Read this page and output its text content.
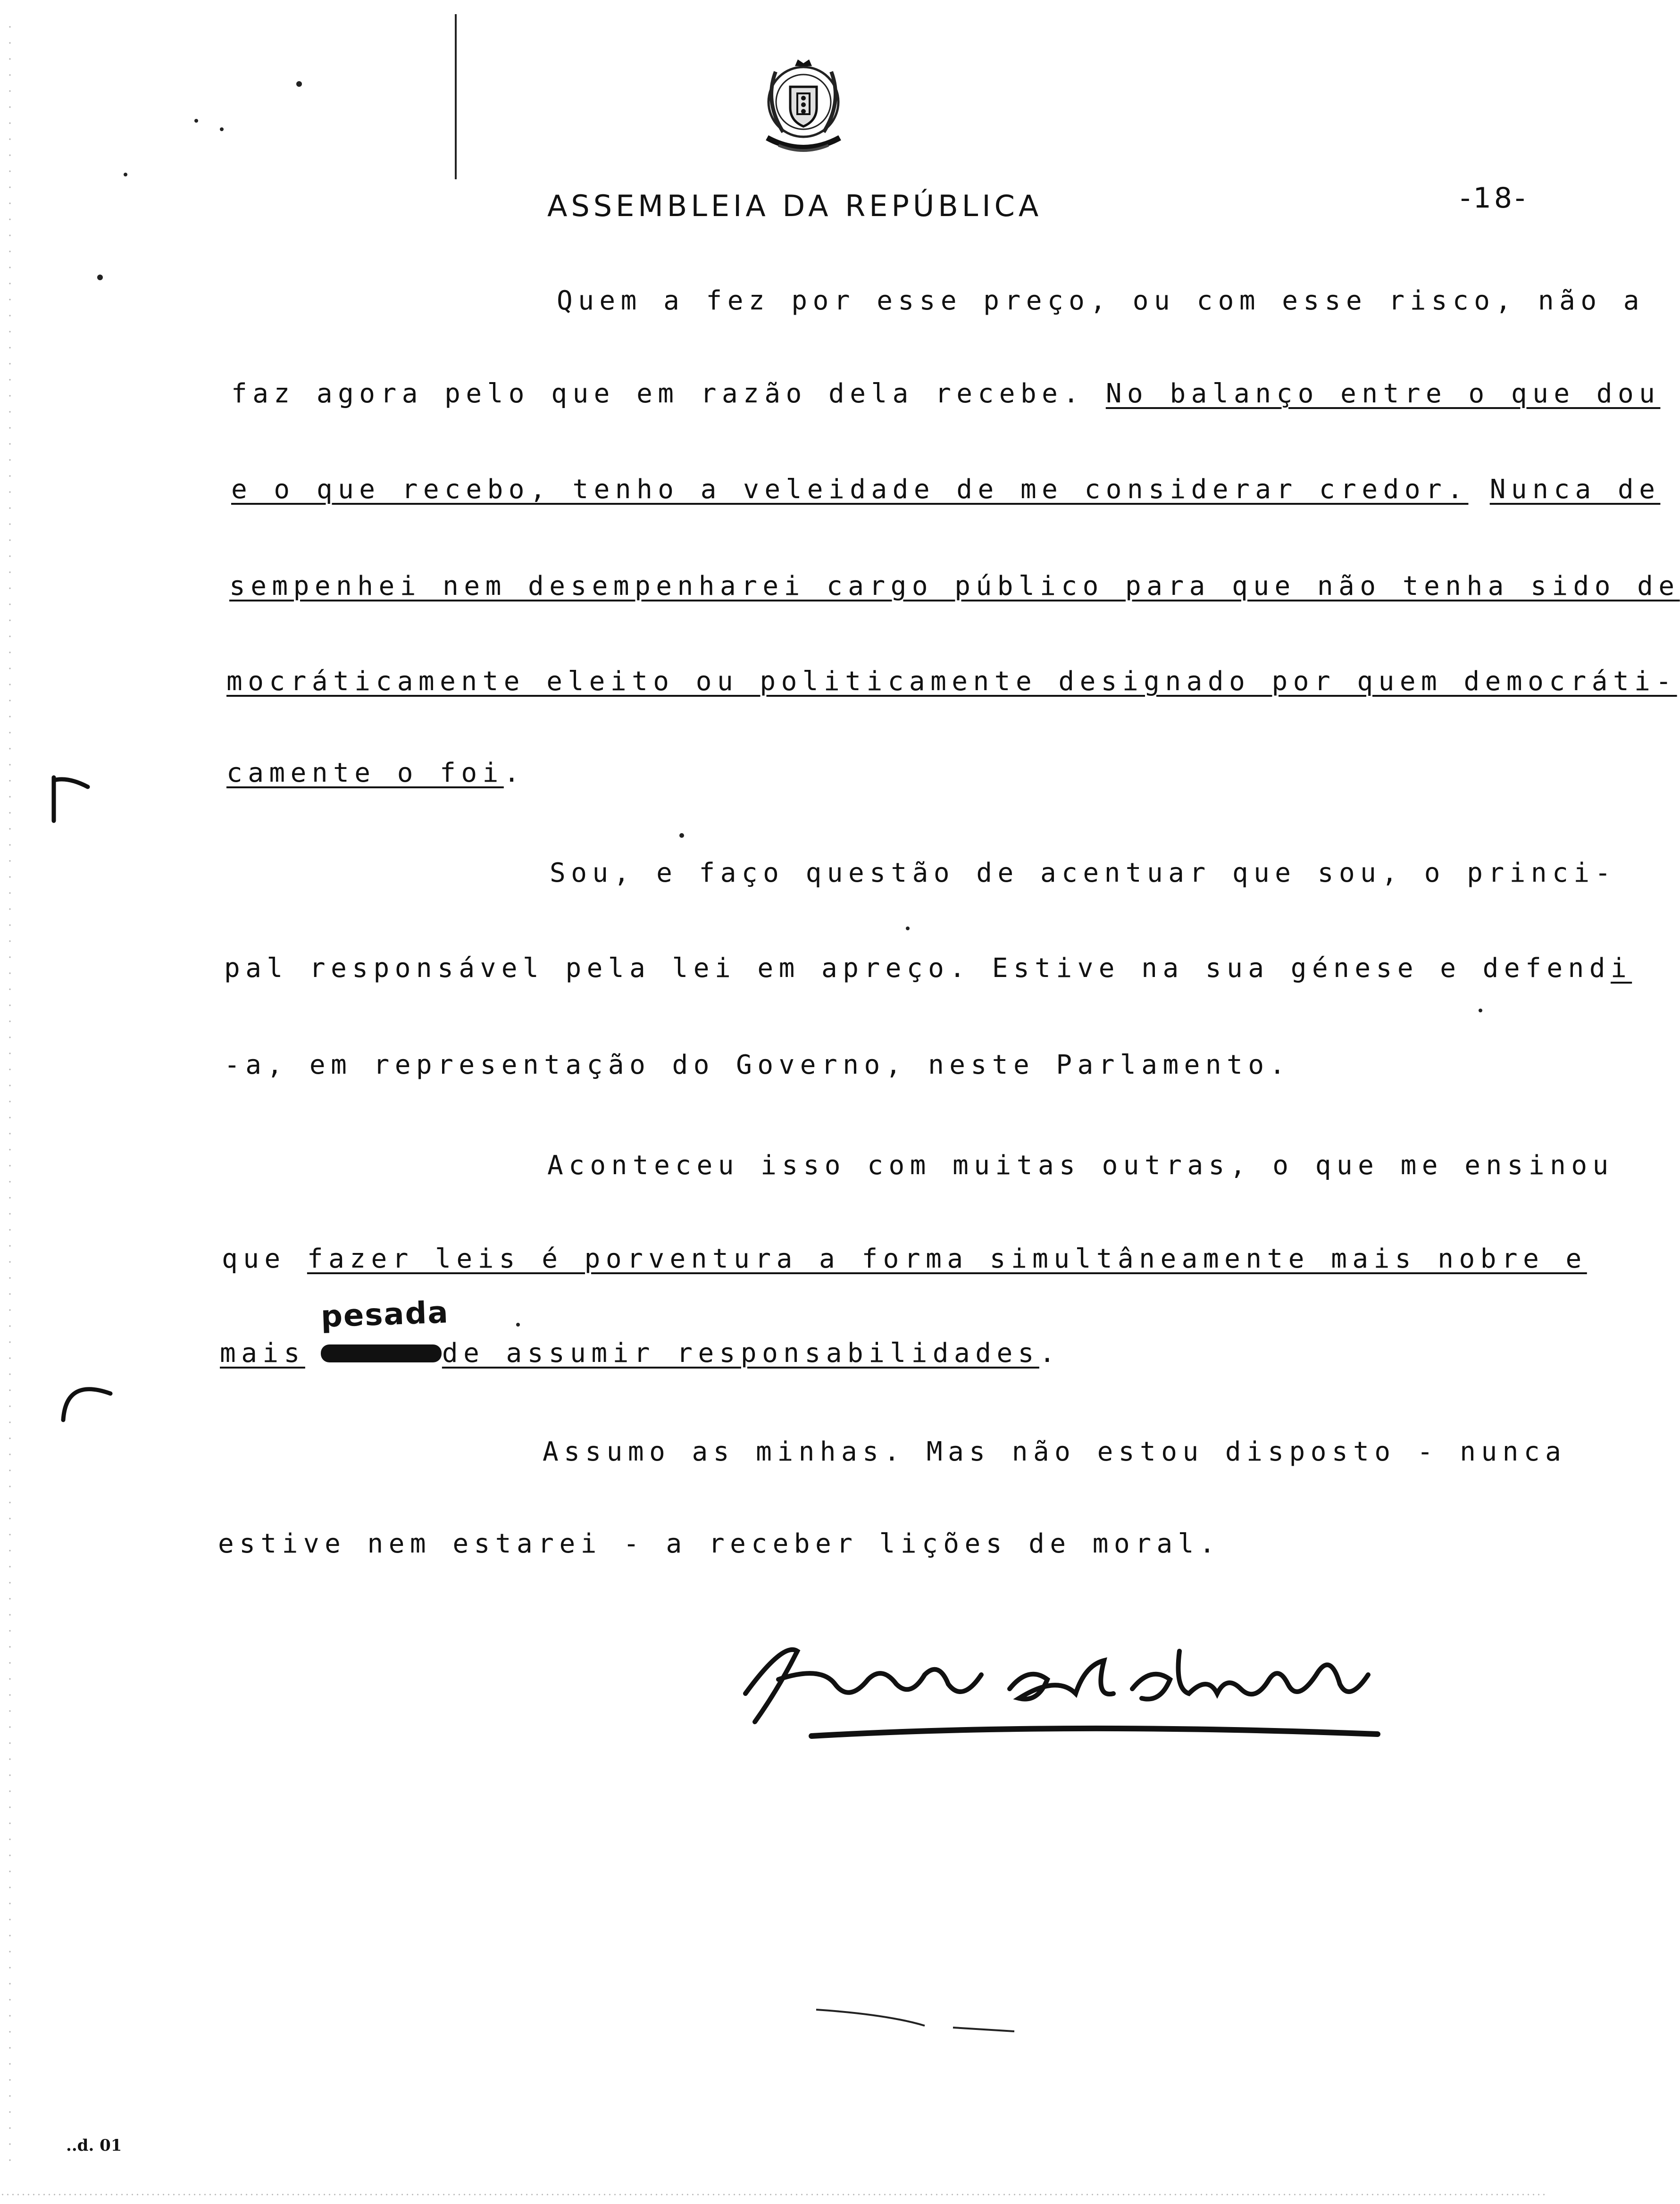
ASSEMBLEIA DA REPÚBLICA	-18-
Quem a fez por esse preço, ou com esse risco, não a
faz agora pelo que em razão dela recebe. No balanço entre o que dou
e o que recebo, tenho a veleidade de me considerar credor. Nunca de
sempenhei nem desempenharei cargo público para que não tenha sido de
mocráticamente eleito ou politicamente designado por quem democráti-
camente o foi.
Sou, e faço questão de acentuar que sou, o princi-
pal responsável pela lei em apreço. Estive na sua génese e defendi
-a, em representação do Governo, neste Parlamento.
Aconteceu isso com muitas outras, o que me ensinou
que fazer leis é porventura a forma simultâneamente mais nobre e
pesada
mais	de assumir responsabilidades.
Assumo as minhas. Mas não estou disposto - nunca
estive nem estarei - a receber lições de moral.
..d. 01
